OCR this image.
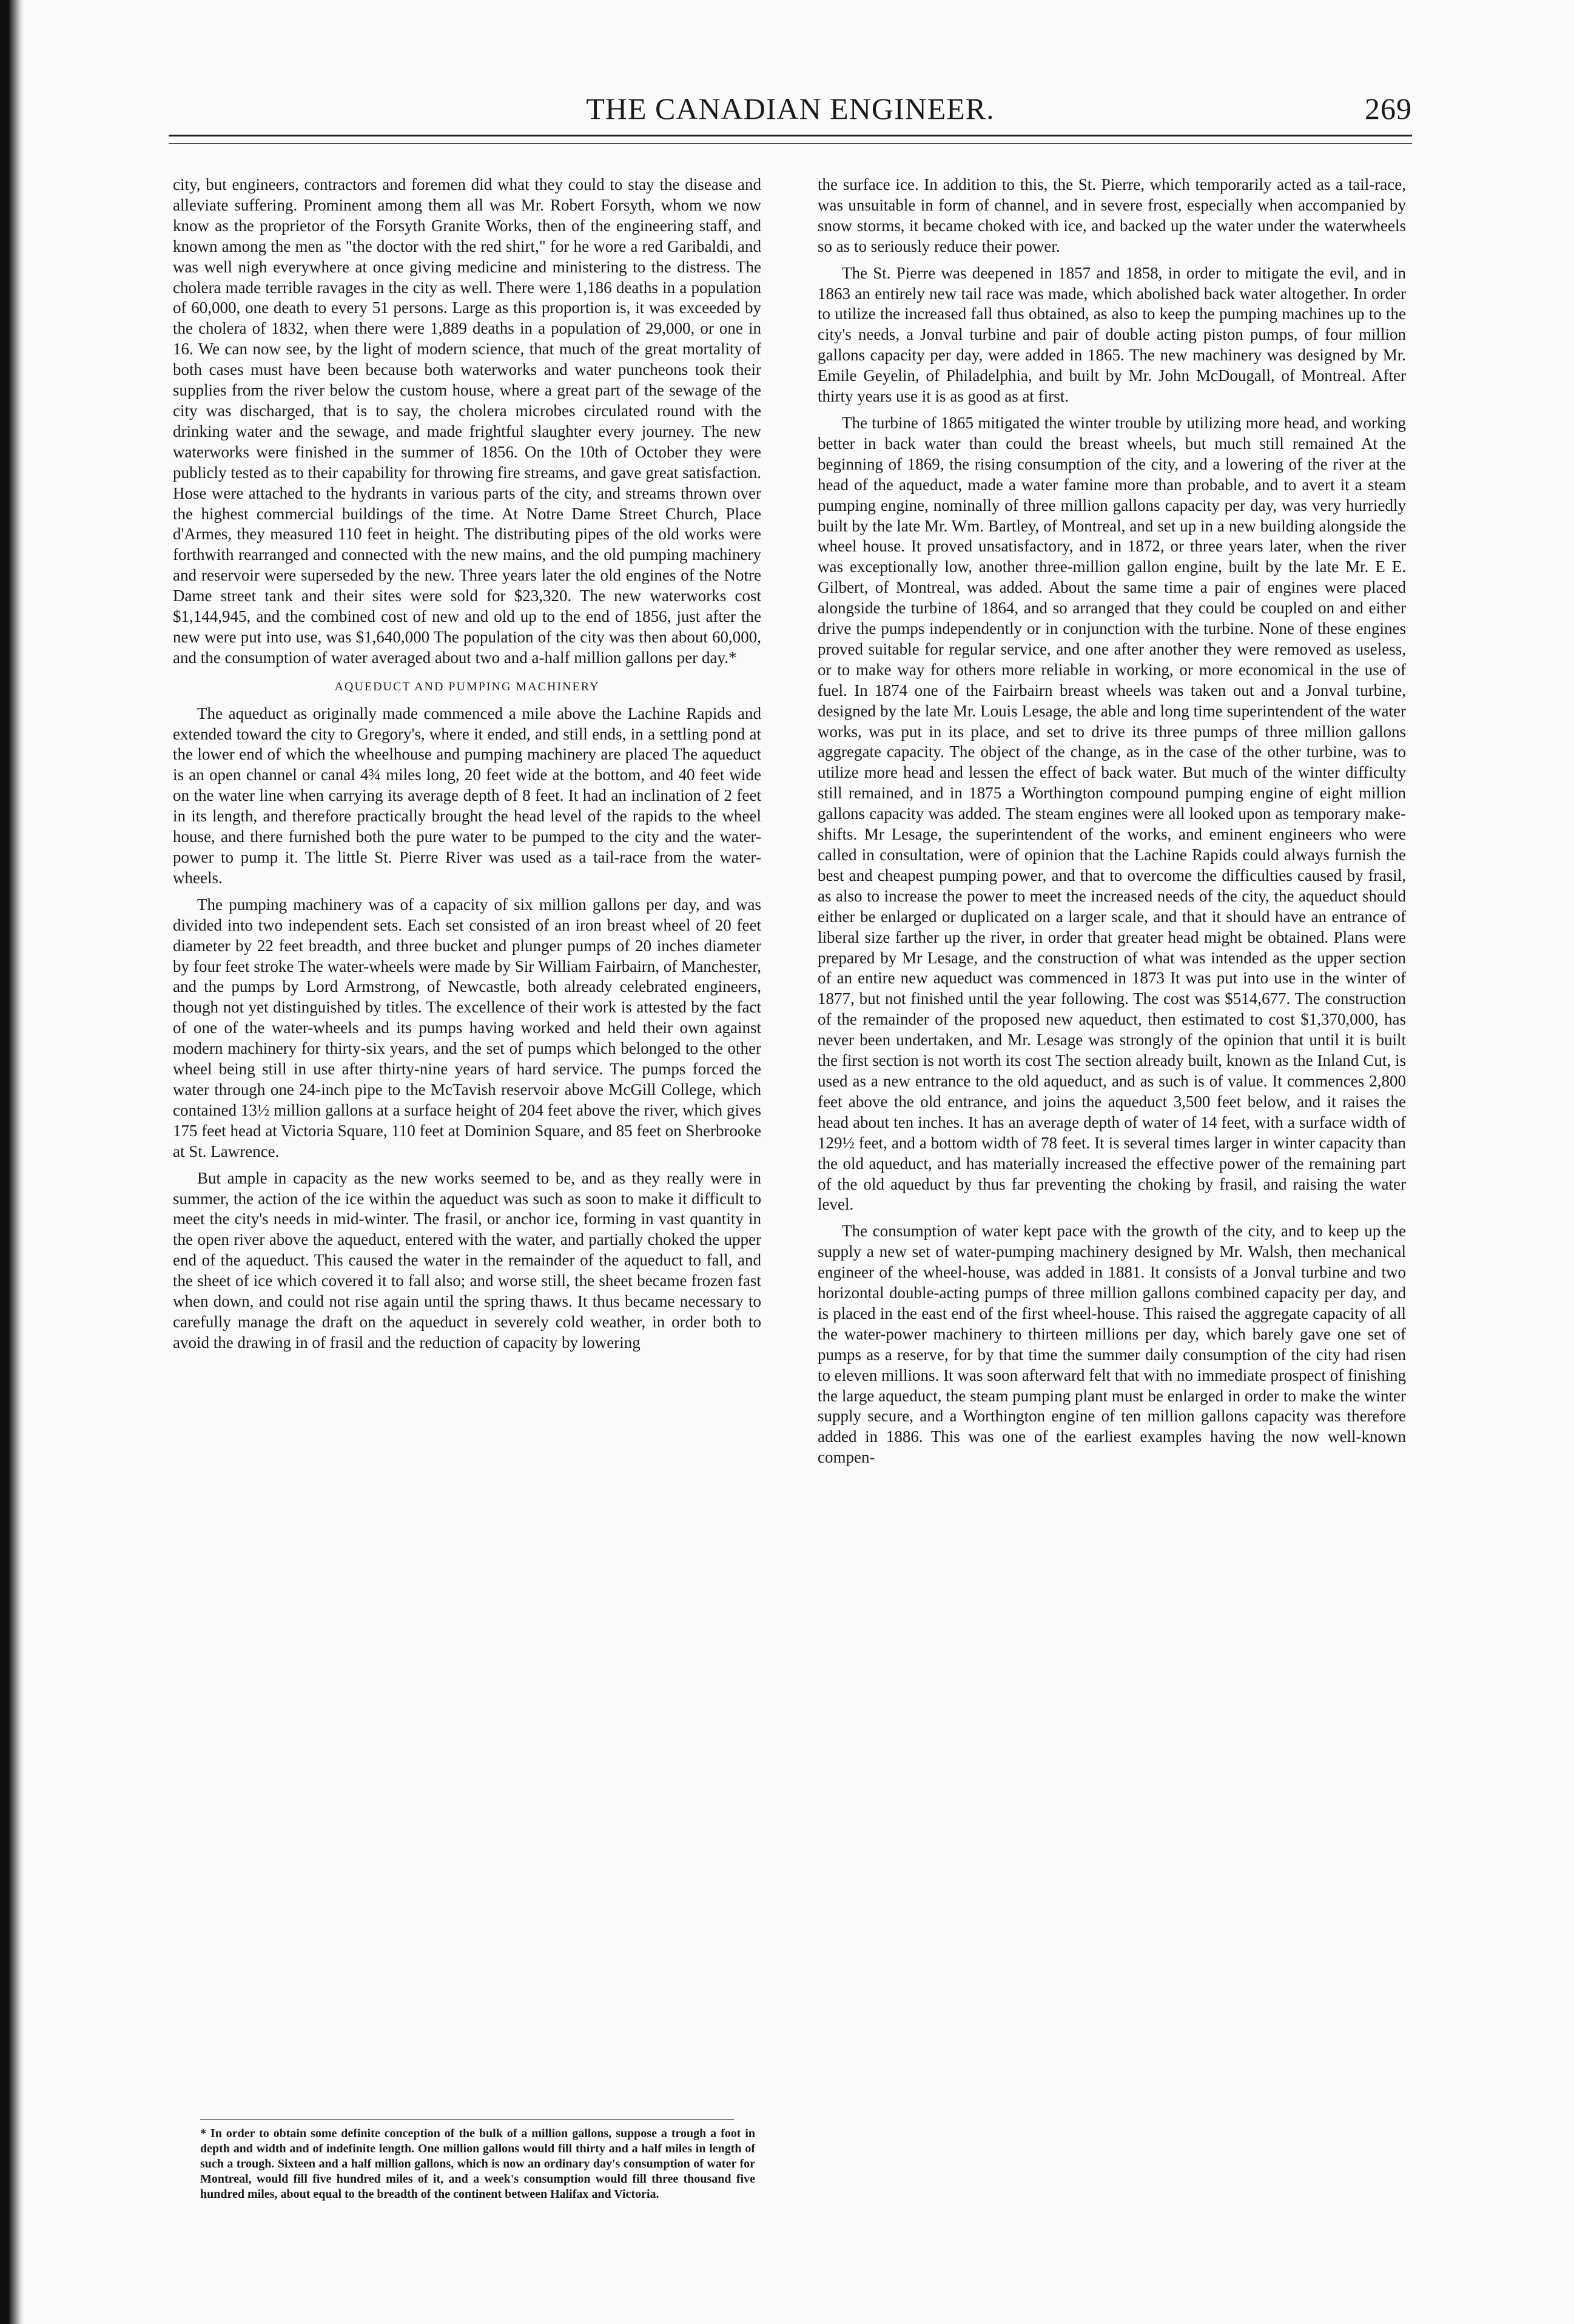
THE CANADIAN ENGINEER.	269

city, but engineers, contractors and foremen did what they could to stay the disease and alleviate suffering. Prominent among them all was Mr. Robert Forsyth, whom we now know as the proprietor of the Forsyth Granite Works, then of the engineering staff, and known among the men as "the doctor with the red shirt," for he wore a red Garibaldi, and was well nigh everywhere at once giving medicine and ministering to the distress. The cholera made terrible ravages in the city as well. There were 1,186 deaths in a population of 60,000, one death to every 51 persons. Large as this proportion is, it was exceeded by the cholera of 1832, when there were 1,889 deaths in a population of 29,000, or one in 16. We can now see, by the light of modern science, that much of the great mortality of both cases must have been because both waterworks and water puncheons took their supplies from the river below the custom house, where a great part of the sewage of the city was discharged, that is to say, the cholera microbes circulated round with the drinking water and the sewage, and made frightful slaughter every journey. The new waterworks were finished in the summer of 1856. On the 10th of October they were publicly tested as to their capability for throwing fire streams, and gave great satisfaction. Hose were attached to the hydrants in various parts of the city, and streams thrown over the highest commercial buildings of the time. At Notre Dame Street Church, Place d'Armes, they measured 110 feet in height. The distributing pipes of the old works were forthwith rearranged and connected with the new mains, and the old pumping machinery and reservoir were superseded by the new. Three years later the old engines of the Notre Dame street tank and their sites were sold for $23,320. The new waterworks cost $1,144,945, and the combined cost of new and old up to the end of 1856, just after the new were put into use, was $1,640,000 The population of the city was then about 60,000, and the consumption of water averaged about two and a-half million gallons per day.*

AQUEDUCT AND PUMPING MACHINERY

The aqueduct as originally made commenced a mile above the Lachine Rapids and extended toward the city to Gregory's, where it ended, and still ends, in a settling pond at the lower end of which the wheelhouse and pumping machinery are placed The aqueduct is an open channel or canal 4¾ miles long, 20 feet wide at the bottom, and 40 feet wide on the water line when carrying its average depth of 8 feet. It had an inclination of 2 feet in its length, and therefore practically brought the head level of the rapids to the wheel house, and there furnished both the pure water to be pumped to the city and the water-power to pump it. The little St. Pierre River was used as a tail-race from the water-wheels.

The pumping machinery was of a capacity of six million gallons per day, and was divided into two independent sets. Each set consisted of an iron breast wheel of 20 feet diameter by 22 feet breadth, and three bucket and plunger pumps of 20 inches diameter by four feet stroke The water-wheels were made by Sir William Fairbairn, of Manchester, and the pumps by Lord Armstrong, of Newcastle, both already celebrated engineers, though not yet distinguished by titles. The excellence of their work is attested by the fact of one of the water-wheels and its pumps having worked and held their own against modern machinery for thirty-six years, and the set of pumps which belonged to the other wheel being still in use after thirty-nine years of hard service. The pumps forced the water through one 24-inch pipe to the McTavish reservoir above McGill College, which contained 13½ million gallons at a surface height of 204 feet above the river, which gives 175 feet head at Victoria Square, 110 feet at Dominion Square, and 85 feet on Sherbrooke at St. Lawrence.

But ample in capacity as the new works seemed to be, and as they really were in summer, the action of the ice within the aqueduct was such as soon to make it difficult to meet the city's needs in mid-winter. The frasil, or anchor ice, forming in vast quantity in the open river above the aqueduct, entered with the water, and partially choked the upper end of the aqueduct. This caused the water in the remainder of the aqueduct to fall, and the sheet of ice which covered it to fall also; and worse still, the sheet became frozen fast when down, and could not rise again until the spring thaws. It thus became necessary to carefully manage the draft on the aqueduct in severely cold weather, in order both to avoid the drawing in of frasil and the reduction of capacity by lowering

the surface ice. In addition to this, the St. Pierre, which temporarily acted as a tail-race, was unsuitable in form of channel, and in severe frost, especially when accompanied by snow storms, it became choked with ice, and backed up the water under the waterwheels so as to seriously reduce their power.

The St. Pierre was deepened in 1857 and 1858, in order to mitigate the evil, and in 1863 an entirely new tail race was made, which abolished back water altogether. In order to utilize the increased fall thus obtained, as also to keep the pumping machines up to the city's needs, a Jonval turbine and pair of double acting piston pumps, of four million gallons capacity per day, were added in 1865. The new machinery was designed by Mr. Emile Geyelin, of Philadelphia, and built by Mr. John McDougall, of Montreal. After thirty years use it is as good as at first.

The turbine of 1865 mitigated the winter trouble by utilizing more head, and working better in back water than could the breast wheels, but much still remained At the beginning of 1869, the rising consumption of the city, and a lowering of the river at the head of the aqueduct, made a water famine more than probable, and to avert it a steam pumping engine, nominally of three million gallons capacity per day, was very hurriedly built by the late Mr. Wm. Bartley, of Montreal, and set up in a new building alongside the wheel house. It proved unsatisfactory, and in 1872, or three years later, when the river was exceptionally low, another three-million gallon engine, built by the late Mr. E E. Gilbert, of Montreal, was added. About the same time a pair of engines were placed alongside the turbine of 1864, and so arranged that they could be coupled on and either drive the pumps independently or in conjunction with the turbine. None of these engines proved suitable for regular service, and one after another they were removed as useless, or to make way for others more reliable in working, or more economical in the use of fuel. In 1874 one of the Fairbairn breast wheels was taken out and a Jonval turbine, designed by the late Mr. Louis Lesage, the able and long time superintendent of the water works, was put in its place, and set to drive its three pumps of three million gallons aggregate capacity. The object of the change, as in the case of the other turbine, was to utilize more head and lessen the effect of back water. But much of the winter difficulty still remained, and in 1875 a Worthington compound pumping engine of eight million gallons capacity was added. The steam engines were all looked upon as temporary make-shifts. Mr Lesage, the superintendent of the works, and eminent engineers who were called in consultation, were of opinion that the Lachine Rapids could always furnish the best and cheapest pumping power, and that to overcome the difficulties caused by frasil, as also to increase the power to meet the increased needs of the city, the aqueduct should either be enlarged or duplicated on a larger scale, and that it should have an entrance of liberal size farther up the river, in order that greater head might be obtained. Plans were prepared by Mr Lesage, and the construction of what was intended as the upper section of an entire new aqueduct was commenced in 1873 It was put into use in the winter of 1877, but not finished until the year following. The cost was $514,677. The construction of the remainder of the proposed new aqueduct, then estimated to cost $1,370,000, has never been undertaken, and Mr. Lesage was strongly of the opinion that until it is built the first section is not worth its cost The section already built, known as the Inland Cut, is used as a new entrance to the old aqueduct, and as such is of value. It commences 2,800 feet above the old entrance, and joins the aqueduct 3,500 feet below, and it raises the head about ten inches. It has an average depth of water of 14 feet, with a surface width of 129½ feet, and a bottom width of 78 feet. It is several times larger in winter capacity than the old aqueduct, and has materially increased the effective power of the remaining part of the old aqueduct by thus far preventing the choking by frasil, and raising the water level.

The consumption of water kept pace with the growth of the city, and to keep up the supply a new set of water-pumping machinery designed by Mr. Walsh, then mechanical engineer of the wheel-house, was added in 1881. It consists of a Jonval turbine and two horizontal double-acting pumps of three million gallons combined capacity per day, and is placed in the east end of the first wheel-house. This raised the aggregate capacity of all the water-power machinery to thirteen millions per day, which barely gave one set of pumps as a reserve, for by that time the summer daily consumption of the city had risen to eleven millions. It was soon afterward felt that with no immediate prospect of finishing the large aqueduct, the steam pumping plant must be enlarged in order to make the winter supply secure, and a Worthington engine of ten million gallons capacity was therefore added in 1886. This was one of the earliest examples having the now well-known compen-

* In order to obtain some definite conception of the bulk of a million gallons, suppose a trough a foot in depth and width and of indefinite length. One million gallons would fill thirty and a half miles in length of such a trough. Sixteen and a half million gallons, which is now an ordinary day's consumption of water for Montreal, would fill five hundred miles of it, and a week's consumption would fill three thousand five hundred miles, about equal to the breadth of the continent between Halifax and Victoria.
